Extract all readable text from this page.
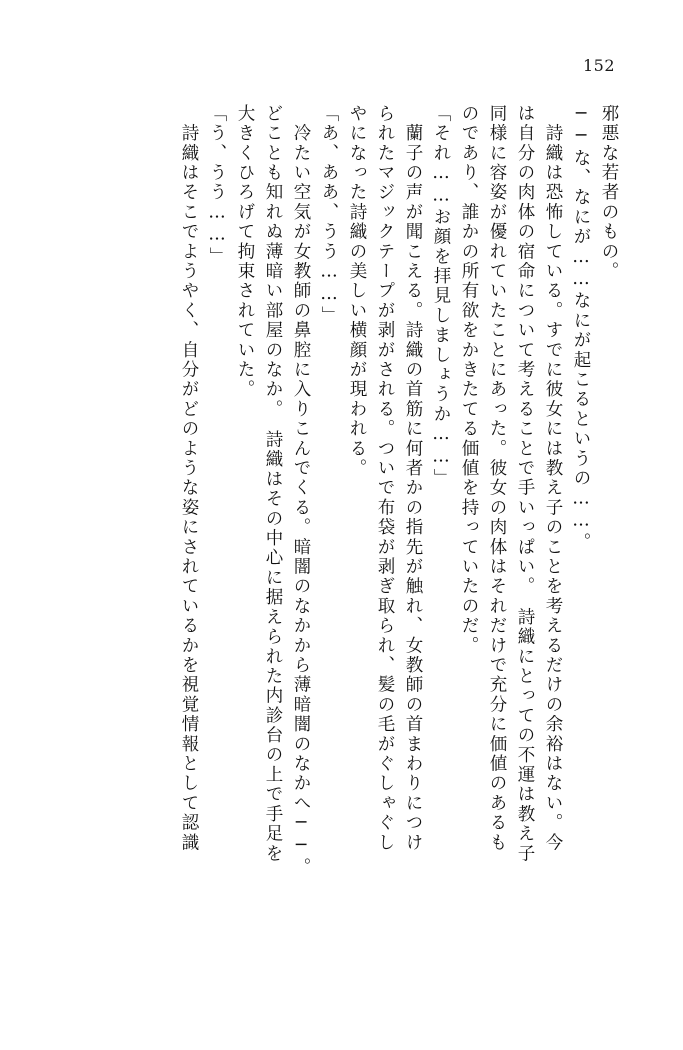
152
邪悪な若者のもの。
──な、なにが……なにが起こるというの……。
　詩織は恐怖している。すでに彼女には教え子のことを考えるだけの余裕はない。今
は自分の肉体の宿命について考えることで手いっぱい。　詩織にとっての不運は教え子
同様に容姿が優れていたことにあった。彼女の肉体はそれだけで充分に価値のあるも
のであり、誰かの所有欲をかきたてる価値を持っていたのだ。
「それ……お顔を拝見しましょうか……」
　蘭子の声が聞こえる。詩織の首筋に何者かの指先が触れ、女教師の首まわりにつけ
られたマジックテープが剥がされる。ついで布袋が剥ぎ取られ、髪の毛がぐしゃぐし
やになった詩織の美しい横顔が現われる。
「あ、ああ、うう……」
　冷たい空気が女教師の鼻腔に入りこんでくる。暗闇のなかから薄暗闇のなかへ──。
どことも知れぬ薄暗い部屋のなか。　詩織はその中心に据えられた内診台の上で手足を
大きくひろげて拘束されていた。
「う、うう……」
　詩織はそこでようやく、自分がどのような姿にされているかを視覚情報として認識
